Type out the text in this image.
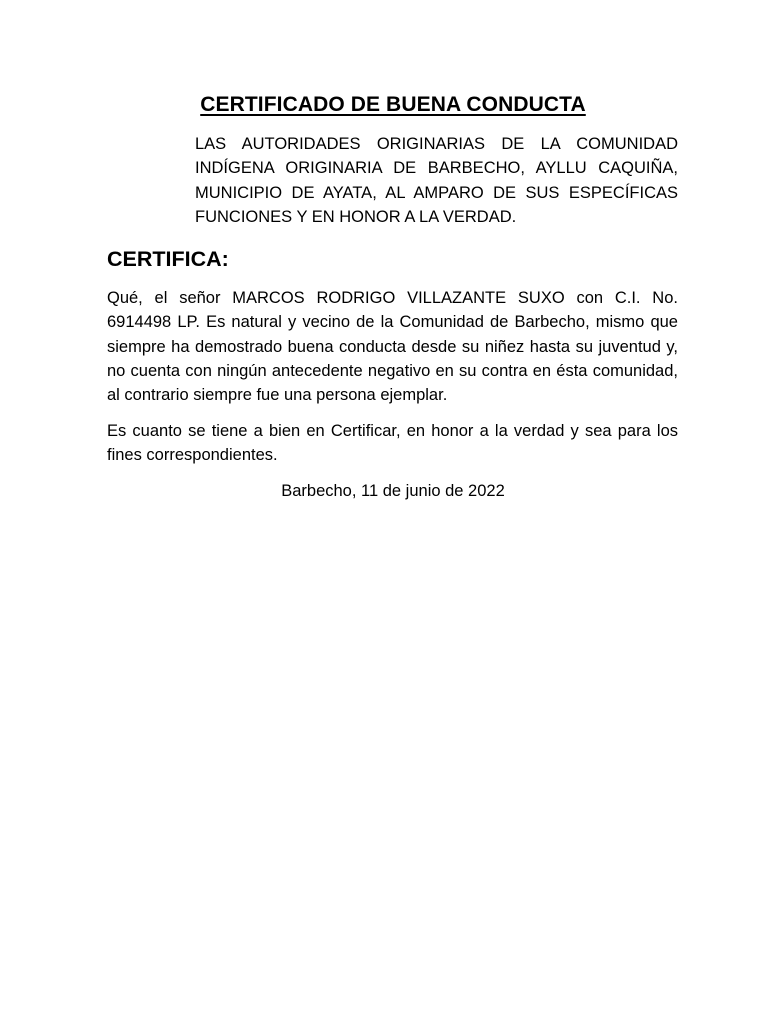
CERTIFICADO DE BUENA CONDUCTA

LAS AUTORIDADES ORIGINARIAS DE LA COMUNIDAD INDÍGENA ORIGINARIA DE BARBECHO, AYLLU CAQUIÑA, MUNICIPIO DE AYATA, AL AMPARO DE SUS ESPECÍFICAS FUNCIONES Y EN HONOR A LA VERDAD.

CERTIFICA:

Qué, el señor MARCOS RODRIGO VILLAZANTE SUXO con C.I. No. 6914498 LP. Es natural y vecino de la Comunidad de Barbecho, mismo que siempre ha demostrado buena conducta desde su niñez hasta su juventud y, no cuenta con ningún antecedente negativo en su contra en ésta comunidad, al contrario siempre fue una persona ejemplar.

Es cuanto se tiene a bien en Certificar, en honor a la verdad y sea para los fines correspondientes.

Barbecho, 11 de junio de 2022
